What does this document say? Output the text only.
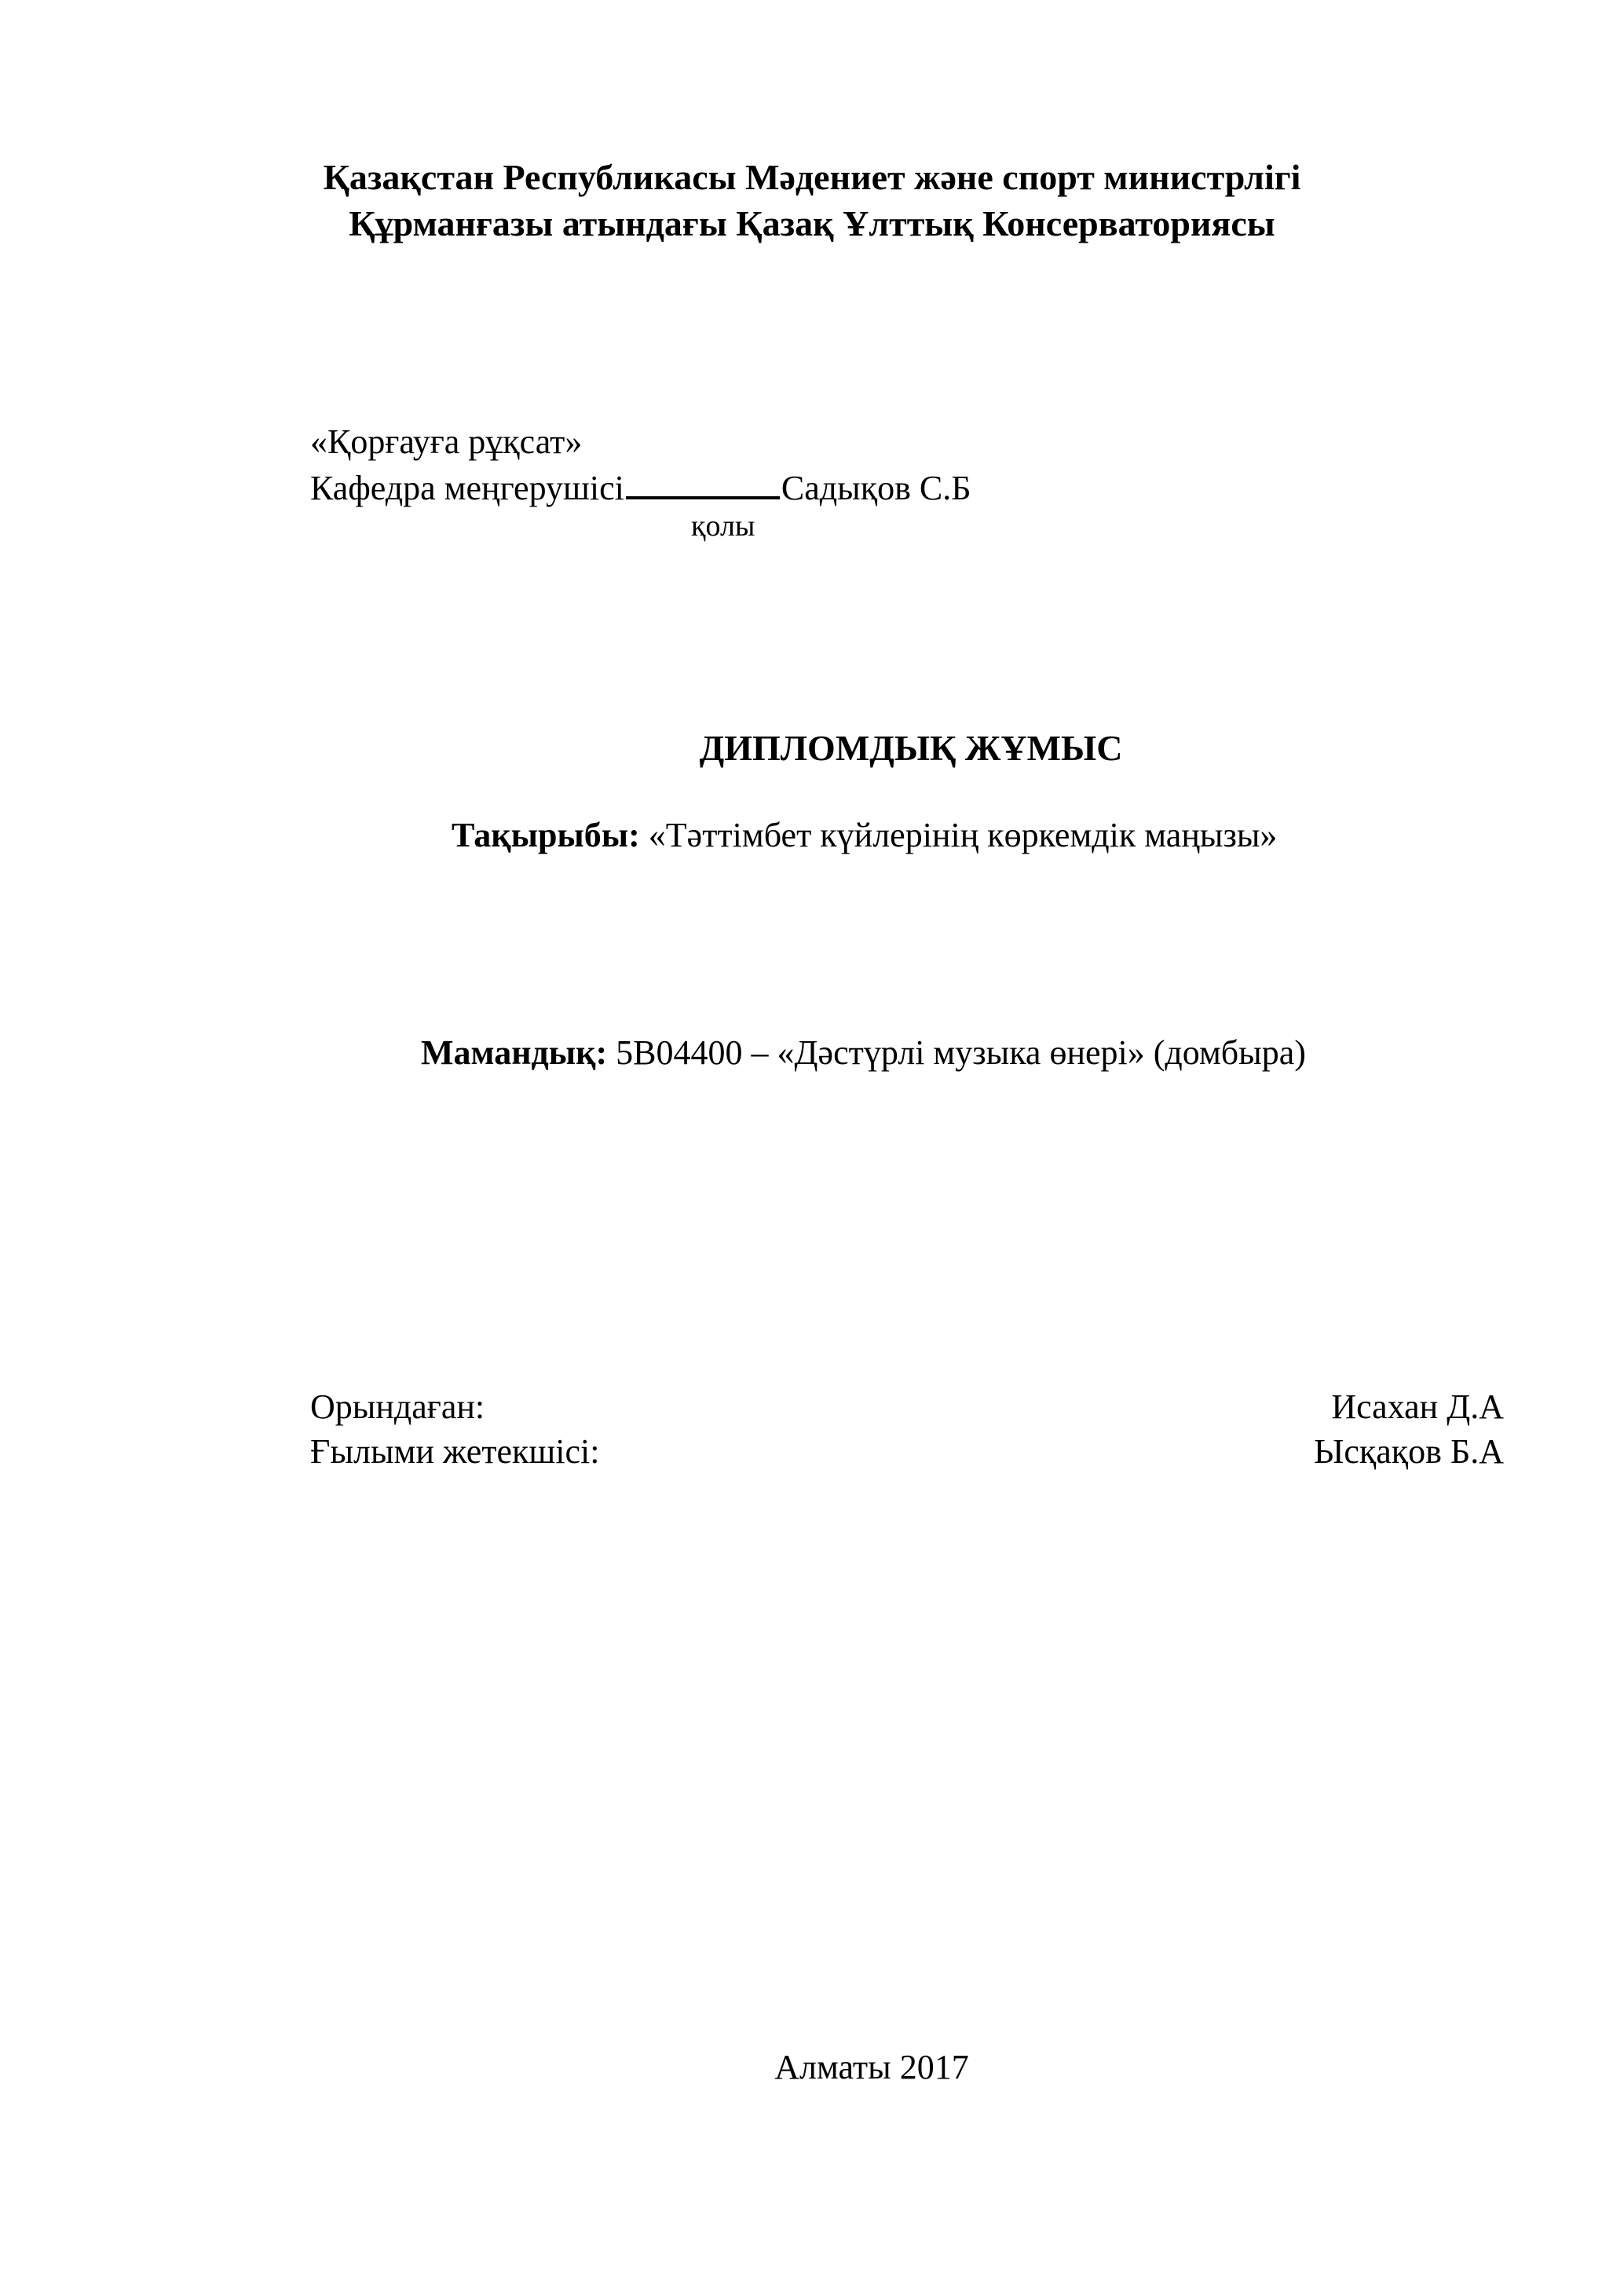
Қазақстан Республикасы Мәдениет және спорт министрлігі
Құрманғазы атындағы Қазақ Ұлттық Консерваториясы
«Қорғауға рұқсат»
Кафедра меңгерушісі	Садықов С.Б
қолы
ДИПЛОМДЫҚ ЖҰМЫС
Тақырыбы: «Тәттімбет күйлерінің көркемдік маңызы»
Мамандық: 5B04400 – «Дәстүрлі музыка өнері» (домбыра)
Орындаған:
Ғылыми жетекшісі:
Исахан Д.А
Ысқақов Б.А
Алматы 2017
